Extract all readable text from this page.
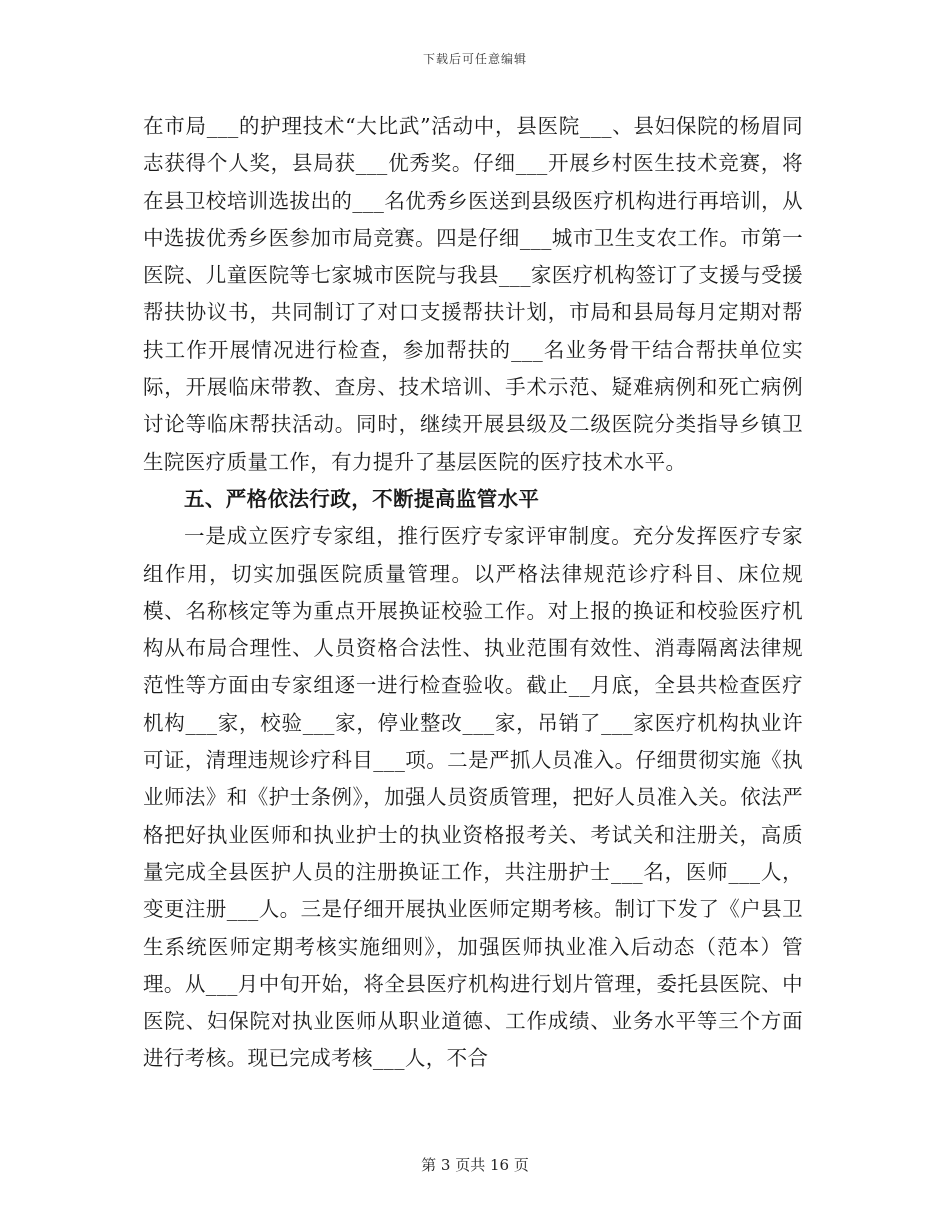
下载后可任意编辑

在市局___的护理技术“大比武”活动中，县医院___、县妇保院的杨眉同志获得个人奖，县局获___优秀奖。仔细___开展乡村医生技术竞赛，将在县卫校培训选拔出的___名优秀乡医送到县级医疗机构进行再培训，从中选拔优秀乡医参加市局竞赛。四是仔细___城市卫生支农工作。市第一医院、儿童医院等七家城市医院与我县___家医疗机构签订了支援与受援帮扶协议书，共同制订了对口支援帮扶计划，市局和县局每月定期对帮扶工作开展情况进行检查，参加帮扶的___名业务骨干结合帮扶单位实际，开展临床带教、查房、技术培训、手术示范、疑难病例和死亡病例讨论等临床帮扶活动。同时，继续开展县级及二级医院分类指导乡镇卫生院医疗质量工作，有力提升了基层医院的医疗技术水平。

五、严格依法行政，不断提高监管水平

一是成立医疗专家组，推行医疗专家评审制度。充分发挥医疗专家组作用，切实加强医院质量管理。以严格法律规范诊疗科目、床位规模、名称核定等为重点开展换证校验工作。对上报的换证和校验医疗机构从布局合理性、人员资格合法性、执业范围有效性、消毒隔离法律规范性等方面由专家组逐一进行检查验收。截止__月底，全县共检查医疗机构___家，校验___家，停业整改___家，吊销了___家医疗机构执业许可证，清理违规诊疗科目___项。二是严抓人员准入。仔细贯彻实施《执业师法》和《护士条例》，加强人员资质管理，把好人员准入关。依法严格把好执业医师和执业护士的执业资格报考关、考试关和注册关，高质量完成全县医护人员的注册换证工作，共注册护士___名，医师___人，变更注册___人。三是仔细开展执业医师定期考核。制订下发了《户县卫生系统医师定期考核实施细则》，加强医师执业准入后动态（范本）管理。从___月中旬开始，将全县医疗机构进行划片管理，委托县医院、中医院、妇保院对执业医师从职业道德、工作成绩、业务水平等三个方面进行考核。现已完成考核___人，不合

第 3 页共 16 页
